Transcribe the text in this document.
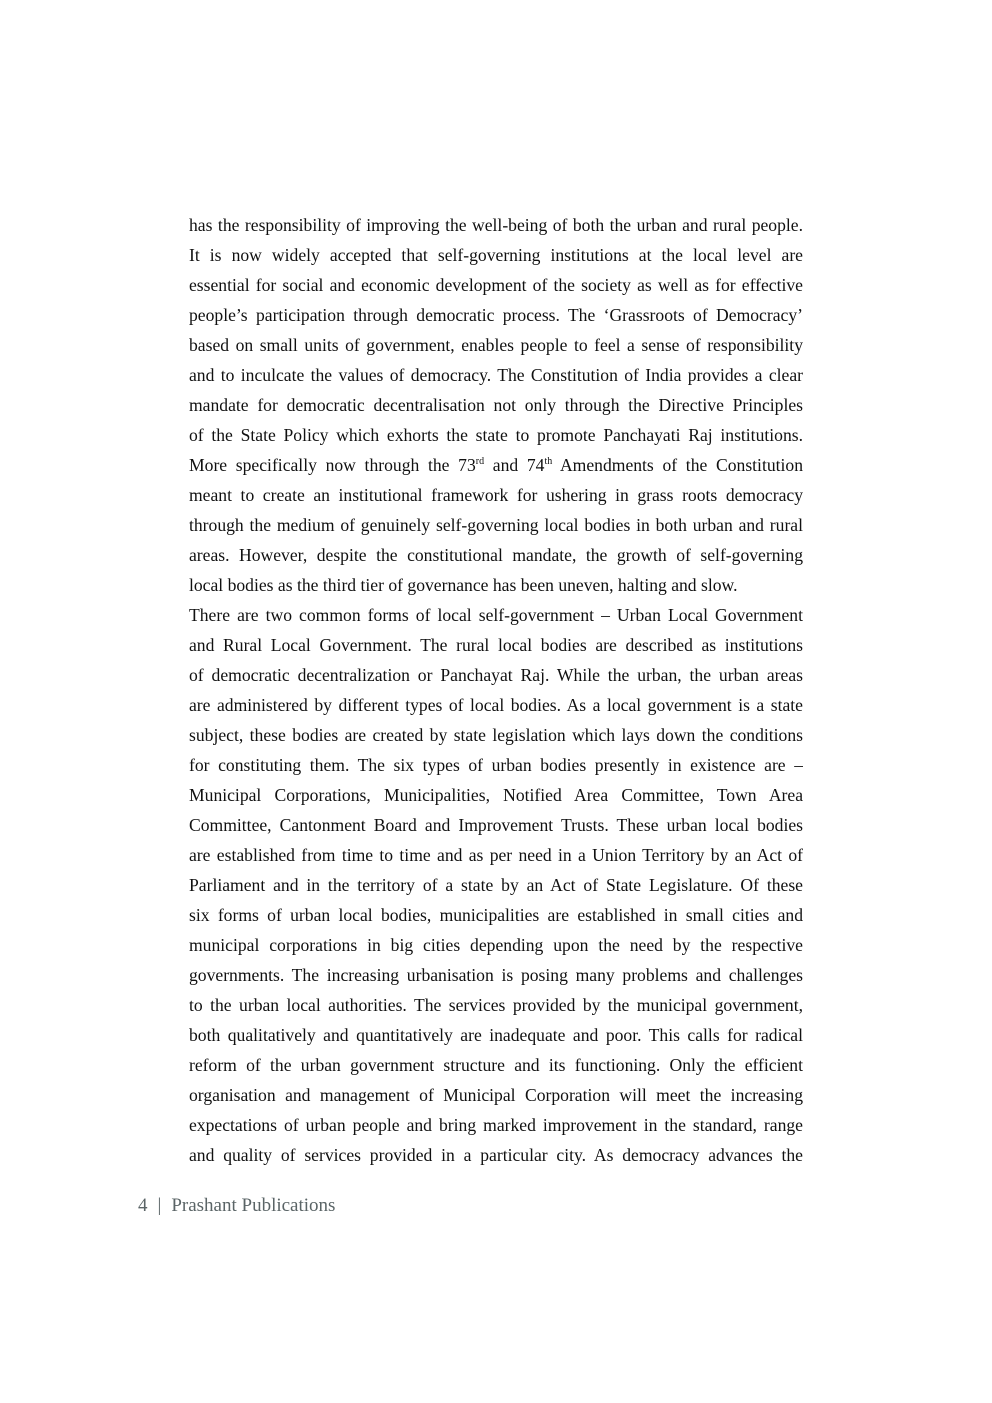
has the responsibility of improving the well-being of both the urban and rural people.
It is now widely accepted that self-governing institutions at the local level are
essential for social and economic development of the society as well as for effective
people’s participation through democratic process. The ‘Grassroots of Democracy’
based on small units of government, enables people to feel a sense of responsibility
and to inculcate the values of democracy. The Constitution of India provides a clear
mandate for democratic decentralisation not only through the Directive Principles
of the State Policy which exhorts the state to promote Panchayati Raj institutions.
More specifically now through the 73rd and 74th Amendments of the Constitution
meant to create an institutional framework for ushering in grass roots democracy
through the medium of genuinely self-governing local bodies in both urban and rural
areas. However, despite the constitutional mandate, the growth of self-governing
local bodies as the third tier of governance has been uneven, halting and slow.
There are two common forms of local self-government – Urban Local Government
and Rural Local Government. The rural local bodies are described as institutions
of democratic decentralization or Panchayat Raj. While the urban, the urban areas
are administered by different types of local bodies. As a local government is a state
subject, these bodies are created by state legislation which lays down the conditions
for constituting them. The six types of urban bodies presently in existence are –
Municipal Corporations, Municipalities, Notified Area Committee, Town Area
Committee, Cantonment Board and Improvement Trusts. These urban local bodies
are established from time to time and as per need in a Union Territory by an Act of
Parliament and in the territory of a state by an Act of State Legislature. Of these
six forms of urban local bodies, municipalities are established in small cities and
municipal corporations in big cities depending upon the need by the respective
governments. The increasing urbanisation is posing many problems and challenges
to the urban local authorities. The services provided by the municipal government,
both qualitatively and quantitatively are inadequate and poor. This calls for radical
reform of the urban government structure and its functioning. Only the efficient
organisation and management of Municipal Corporation will meet the increasing
expectations of urban people and bring marked improvement in the standard, range
and quality of services provided in a particular city. As democracy advances the
4 | Prashant Publications
